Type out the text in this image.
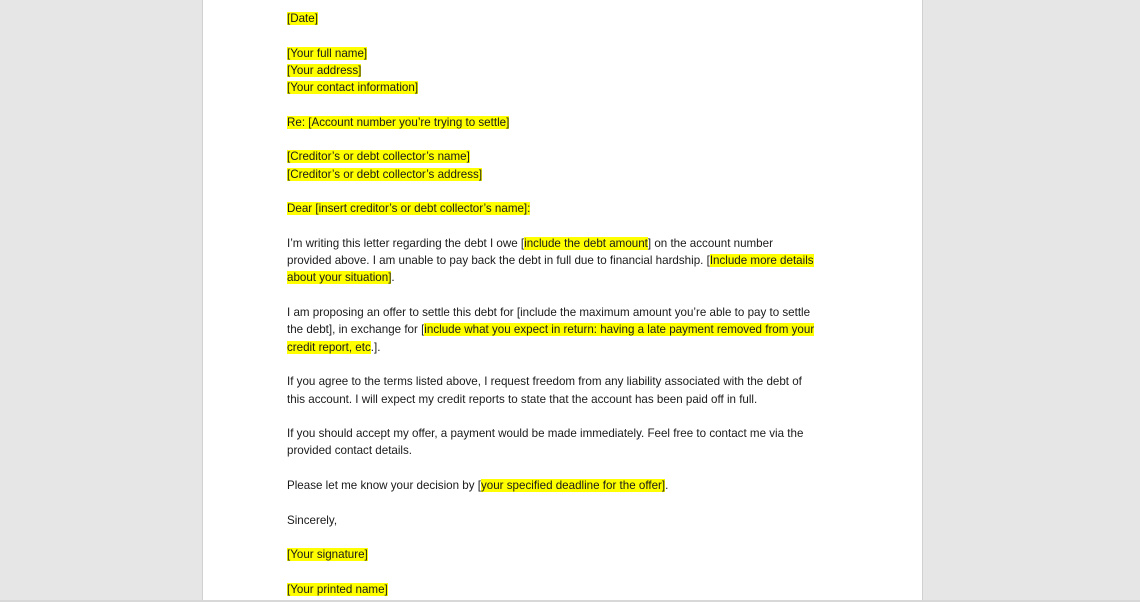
[Date]
[Your full name]
[Your address]
[Your contact information]
Re: [Account number you’re trying to settle]
[Creditor’s or debt collector’s name]
[Creditor’s or debt collector’s address]
Dear [insert creditor’s or debt collector’s name]:
I’m writing this letter regarding the debt I owe [include the debt amount] on the account number
provided above. I am unable to pay back the debt in full due to financial hardship. [Include more details
about your situation].
I am proposing an offer to settle this debt for [include the maximum amount you’re able to pay to settle
the debt], in exchange for [include what you expect in return: having a late payment removed from your
credit report, etc.].
If you agree to the terms listed above, I request freedom from any liability associated with the debt of
this account. I will expect my credit reports to state that the account has been paid off in full.
If you should accept my offer, a payment would be made immediately. Feel free to contact me via the
provided contact details.
Please let me know your decision by [your specified deadline for the offer].
Sincerely,
[Your signature]
[Your printed name]
